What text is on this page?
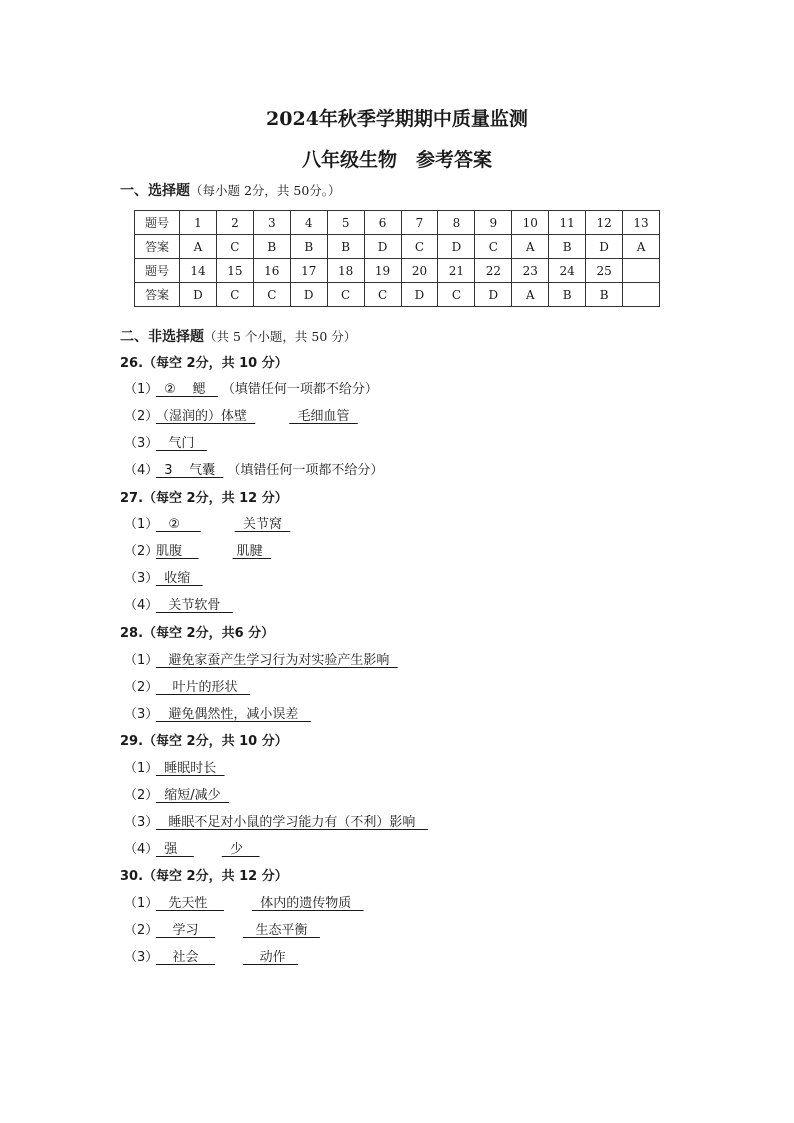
2024年秋季学期期中质量监测
八年级生物　参考答案
一、选择题（每小题 2分，共 50分。）
题号	1	2	3	4	5	6	7	8	9	10	11	12	13
答案	A	C	B	B	B	D	C	D	C	A	B	D	A
题号	14	15	16	17	18	19	20	21	22	23	24	25	
答案	D	C	C	D	C	C	D	C	D	A	B	B	
二、非选择题（共 5 个小题，共 50 分）
26.（每空 2分，共 10 分）
（1）  ②    鳃   （填错任何一项都不给分）
（2）（湿润的）体壁	毛细血管
（3）   气门
（4）  3    气囊  （填错任何一项都不给分）
27.（每空 2分，共 12 分）
（1）   ②	关节窝
（2）肌腹	肌腱
（3）  收缩
（4）   关节软骨
28.（每空 2分，共6 分）
（1）   避免家蚕产生学习行为对实验产生影响
（2）    叶片的形状
（3）   避免偶然性，减小误差
29.（每空 2分，共 10 分）
（1）  睡眠时长
（2）  缩短/减少
（3）   睡眠不足对小鼠的学习能力有（不利）影响
（4）  强      少
30.（每空 2分，共 12 分）
（1）   先天性      体内的遗传物质
（2）    学习       生态平衡
（3）    社会        动作
